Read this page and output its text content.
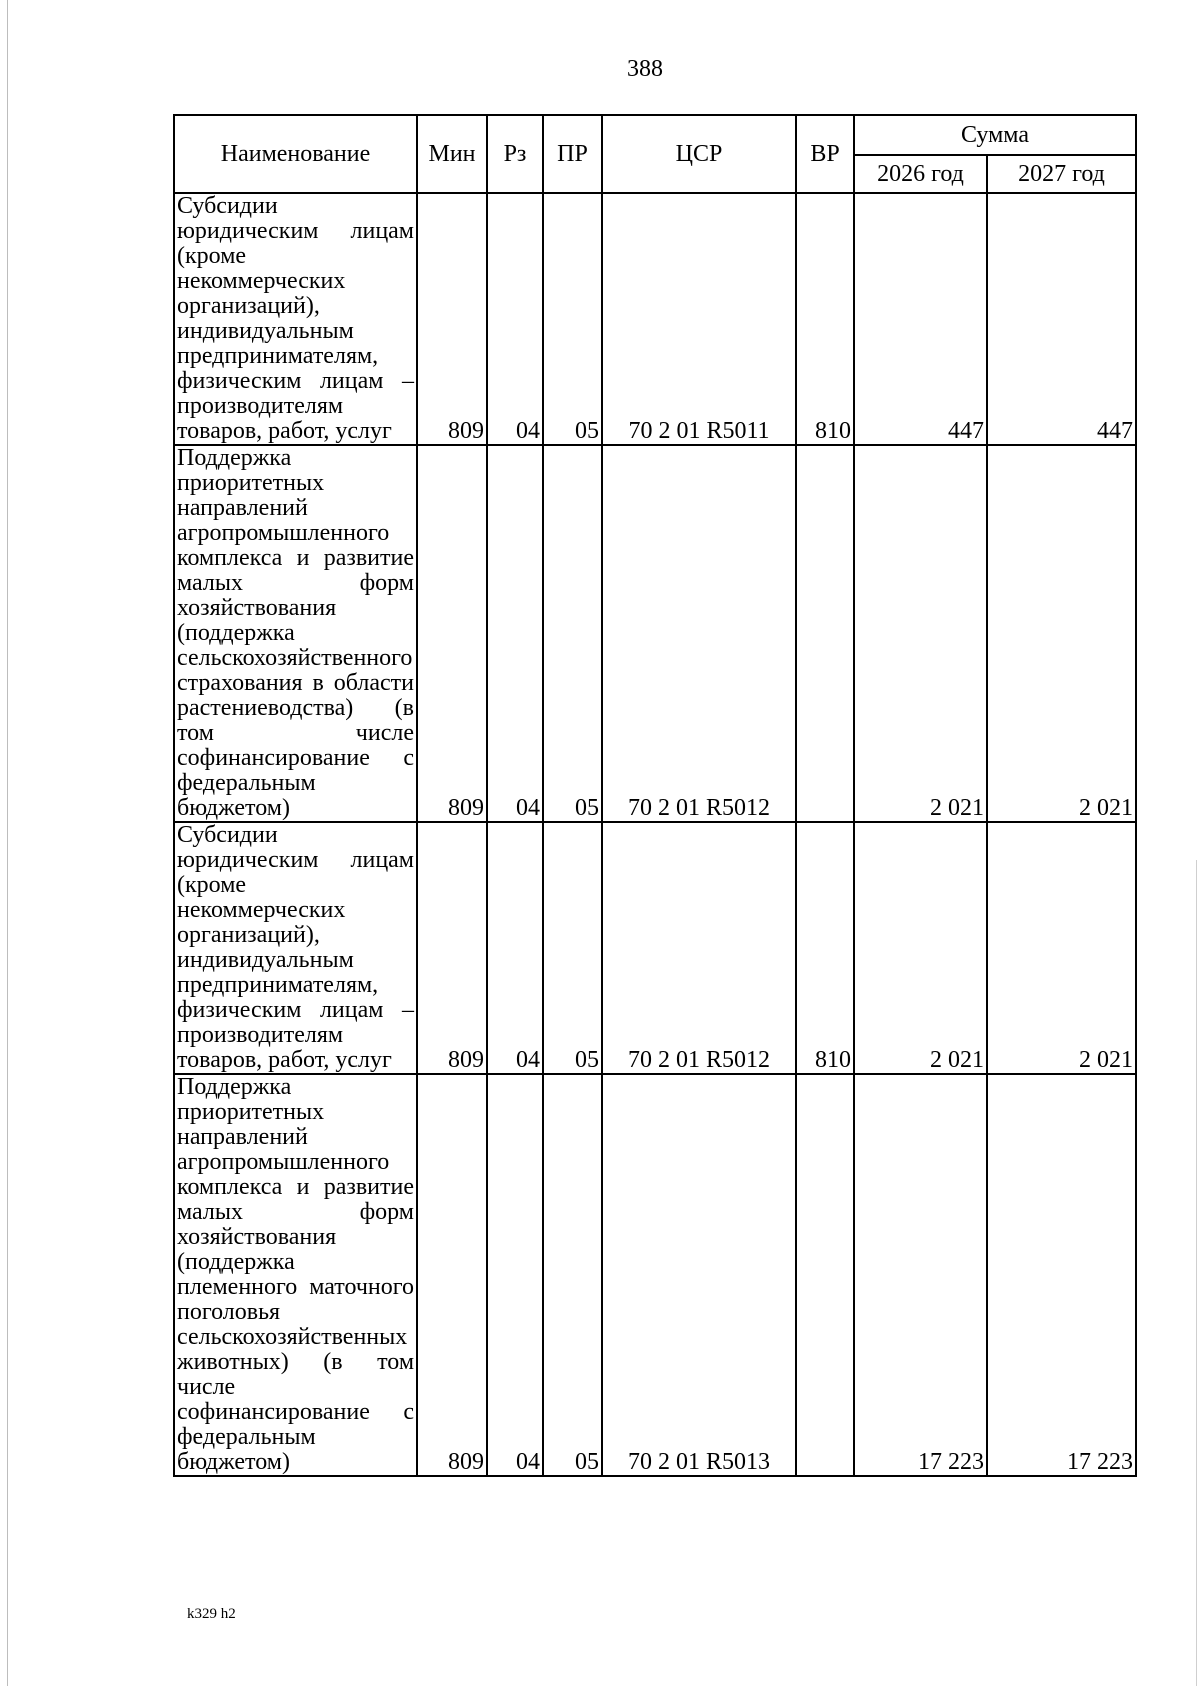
388
Наименование	Мин	Рз	ПР	ЦСР	ВР	Сумма	
						2026 год	2027 год
Субсидии юридическим лицам (кроме некоммерческих организаций), индивидуальным предпринимателям, физическим лицам – производителям товаров, работ, услуг	809	04	05	70 2 01 R5011	810	447	447
Поддержка приоритетных направлений агропромышленного комплекса и развитие малых форм хозяйствования (поддержка сельскохозяйственного страхования в области растениеводства) (в том числе софинансирование с федеральным бюджетом)	809	04	05	70 2 01 R5012		2 021	2 021
Субсидии юридическим лицам (кроме некоммерческих организаций), индивидуальным предпринимателям, физическим лицам – производителям товаров, работ, услуг	809	04	05	70 2 01 R5012	810	2 021	2 021
Поддержка приоритетных направлений агропромышленного комплекса и развитие малых форм хозяйствования (поддержка племенного маточного поголовья сельскохозяйственных животных) (в том числе софинансирование с федеральным бюджетом)	809	04	05	70 2 01 R5013		17 223	17 223
k329 h2
